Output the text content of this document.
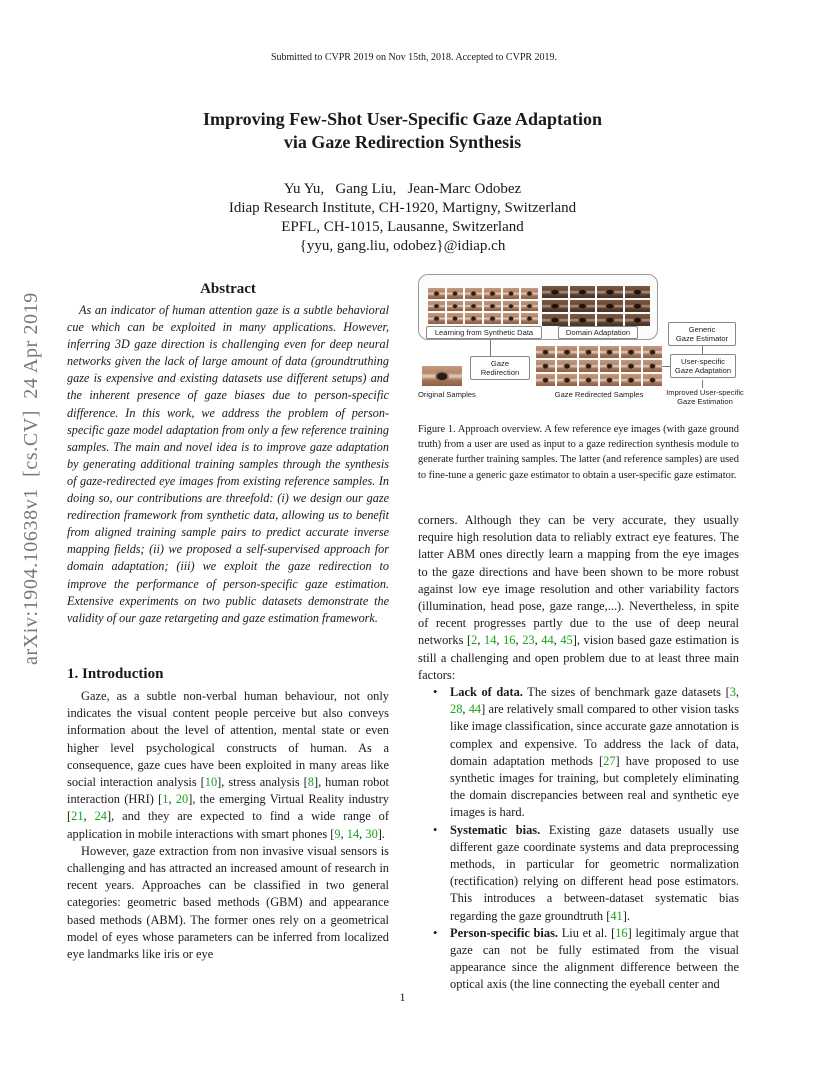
Submitted to CVPR 2019 on Nov 15th, 2018. Accepted to CVPR 2019.
Improving Few-Shot User-Specific Gaze Adaptation
via Gaze Redirection Synthesis
Yu Yu,   Gang Liu,   Jean-Marc Odobez
Idiap Research Institute, CH-1920, Martigny, Switzerland
EPFL, CH-1015, Lausanne, Switzerland
{yyu, gang.liu, odobez}@idiap.ch
arXiv:1904.10638v1  [cs.CV]  24 Apr 2019
Abstract
As an indicator of human attention gaze is a subtle behavioral cue which can be exploited in many applications. However, inferring 3D gaze direction is challenging even for deep neural networks given the lack of large amount of data (groundtruthing gaze is expensive and existing datasets use different setups) and the inherent presence of gaze biases due to person-specific difference. In this work, we address the problem of person-specific gaze model adaptation from only a few reference training samples. The main and novel idea is to improve gaze adaptation by generating additional training samples through the synthesis of gaze-redirected eye images from existing reference samples. In doing so, our contributions are threefold: (i) we design our gaze redirection framework from synthetic data, allowing us to benefit from aligned training sample pairs to predict accurate inverse mapping fields; (ii) we proposed a self-supervised approach for domain adaptation; (iii) we exploit the gaze redirection to improve the performance of person-specific gaze estimation. Extensive experiments on two public datasets demonstrate the validity of our gaze retargeting and gaze estimation framework.
1. Introduction

Gaze, as a subtle non-verbal human behaviour, not only indicates the visual content people perceive but also conveys information about the level of attention, mental state or even higher level psychological constructs of human. As a consequence, gaze cues have been exploited in many areas like social interaction analysis [10], stress analysis [8], human robot interaction (HRI) [1, 20], the emerging Virtual Reality industry [21, 24], and they are expected to find a wide range of application in mobile interactions with smart phones [9, 14, 30].

However, gaze extraction from non invasive visual sensors is challenging and has attracted an increased amount of research in recent years. Approaches can be classified in two general categories: geometric based methods (GBM) and appearance based methods (ABM). The former ones rely on a geometrical model of eyes whose parameters can be inferred from localized eye landmarks like iris or eye

Learning from Synthetic Data	Domain Adaptation	Generic
Gaze Estimator
Gaze
Redirection
Original Samples	Gaze Redirected Samples
User-specific
Gaze Adaptation
Improved User-specific
Gaze Estimation
Figure 1. Approach overview. A few reference eye images (with gaze ground truth) from a user are used as input to a gaze redirection synthesis module to generate further training samples. The latter (and reference samples) are used to fine-tune a generic gaze estimator to obtain a user-specific gaze estimator.

corners. Although they can be very accurate, they usually require high resolution data to reliably extract eye features. The latter ABM ones directly learn a mapping from the eye images to the gaze directions and have been shown to be more robust against low eye image resolution and other variability factors (illumination, head pose, gaze range,...). Nevertheless, in spite of recent progresses partly due to the use of deep neural networks [2, 14, 16, 23, 44, 45], vision based gaze estimation is still a challenging and open problem due to at least three main factors:

• Lack of data. The sizes of benchmark gaze datasets [3, 28, 44] are relatively small compared to other vision tasks like image classification, since accurate gaze annotation is complex and expensive. To address the lack of data, domain adaptation methods [27] have proposed to use synthetic images for training, but completely eliminating the domain discrepancies between real and synthetic eye images is hard.
• Systematic bias. Existing gaze datasets usually use different gaze coordinate systems and data preprocessing methods, in particular for geometric normalization (rectification) relying on different head pose estimators. This introduces a between-dataset systematic bias regarding the gaze groundtruth [41].
• Person-specific bias. Liu et al. [16] legitimaly argue that gaze can not be fully estimated from the visual appearance since the alignment difference between the optical axis (the line connecting the eyeball center and
1
